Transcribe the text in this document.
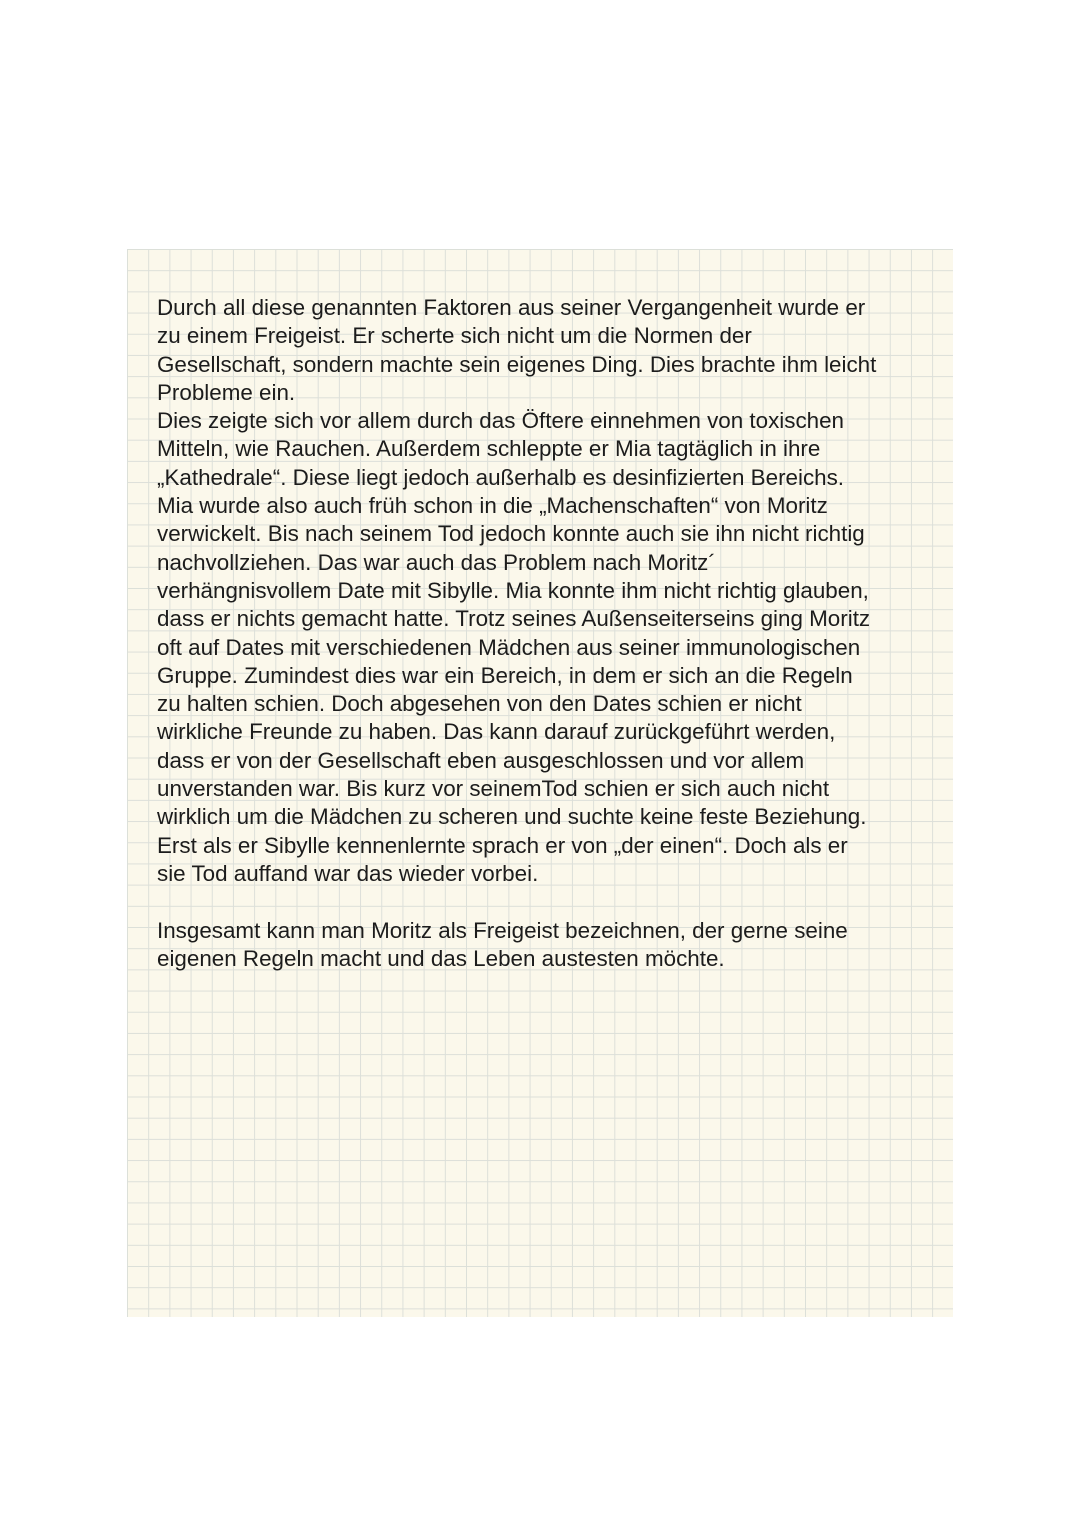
Durch all diese genannten Faktoren aus seiner Vergangenheit wurde er
zu einem Freigeist. Er scherte sich nicht um die Normen der
Gesellschaft, sondern machte sein eigenes Ding. Dies brachte ihm leicht
Probleme ein.
Dies zeigte sich vor allem durch das Öftere einnehmen von toxischen
Mitteln, wie Rauchen. Außerdem schleppte er Mia tagtäglich in ihre
„Kathedrale“. Diese liegt jedoch außerhalb es desinfizierten Bereichs.
Mia wurde also auch früh schon in die „Machenschaften“ von Moritz
verwickelt. Bis nach seinem Tod jedoch konnte auch sie ihn nicht richtig
nachvollziehen. Das war auch das Problem nach Moritz´
verhängnisvollem Date mit Sibylle. Mia konnte ihm nicht richtig glauben,
dass er nichts gemacht hatte. Trotz seines Außenseiterseins ging Moritz
oft auf Dates mit verschiedenen Mädchen aus seiner immunologischen
Gruppe. Zumindest dies war ein Bereich, in dem er sich an die Regeln
zu halten schien. Doch abgesehen von den Dates schien er nicht
wirkliche Freunde zu haben. Das kann darauf zurückgeführt werden,
dass er von der Gesellschaft eben ausgeschlossen und vor allem
unverstanden war. Bis kurz vor seinemTod schien er sich auch nicht
wirklich um die Mädchen zu scheren und suchte keine feste Beziehung.
Erst als er Sibylle kennenlernte sprach er von „der einen“. Doch als er
sie Tod auffand war das wieder vorbei.
Insgesamt kann man Moritz als Freigeist bezeichnen, der gerne seine
eigenen Regeln macht und das Leben austesten möchte.
